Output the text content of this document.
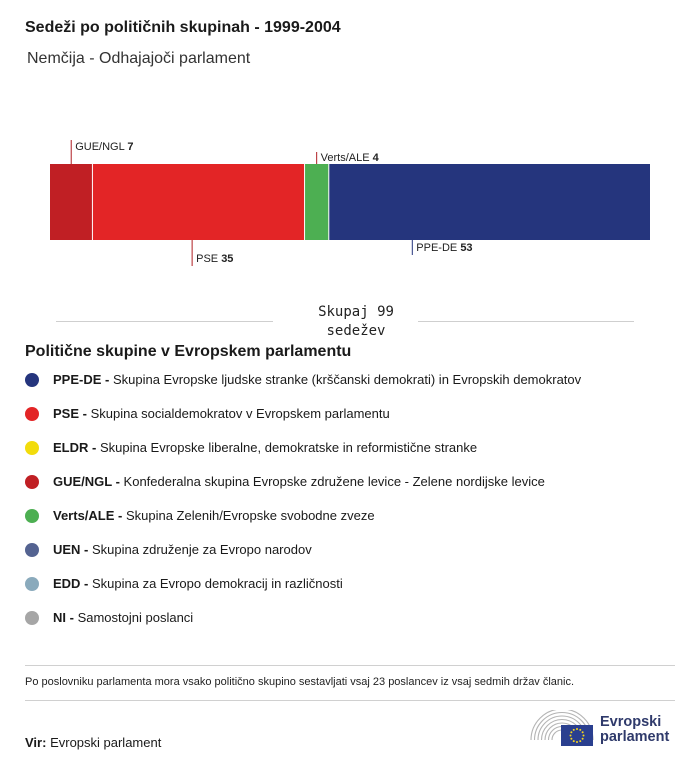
Sedeži po političnih skupinah - 1999-2004
Nemčija - Odhajajoči parlament
GUE/NGL 7
PSE 35
Verts/ALE 4
PPE-DE 53
Skupaj 99
sedežev
Politične skupine v Evropskem parlamentu
PPE-DE - Skupina Evropske ljudske stranke (krščanski demokrati) in Evropskih demokratov
PSE - Skupina socialdemokratov v Evropskem parlamentu
ELDR - Skupina Evropske liberalne, demokratske in reformistične stranke
GUE/NGL - Konfederalna skupina Evropske združene levice - Zelene nordijske levice
Verts/ALE - Skupina Zelenih/Evropske svobodne zveze
UEN - Skupina združenje za Evropo narodov
EDD - Skupina za Evropo demokracij in različnosti
NI - Samostojni poslanci
Po poslovniku parlamenta mora vsako politično skupino sestavljati vsaj 23 poslancev iz vsaj sedmih držav članic.
Vir: Evropski parlament
Evropski
parlament
